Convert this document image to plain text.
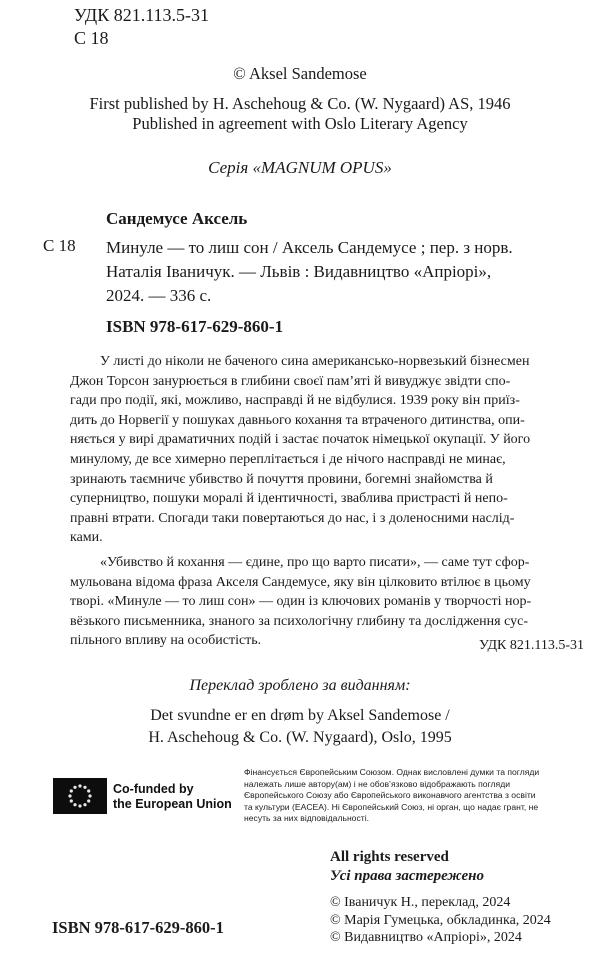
УДК 821.113.5-31
С 18
© Aksel Sandemose
First published by H. Aschehoug & Co. (W. Nygaard) AS, 1946
Published in agreement with Oslo Literary Agency
Серія «MAGNUM OPUS»
Сандемусе Аксель
С 18 Минуле — то лиш сон / Аксель Сандемусе ; пер. з норв.
Наталія Іваничук. — Львів : Видавництво «Апріорі»,
2024. — 336 с.
ISBN 978-617-629-860-1
У листі до ніколи не баченого сина американсько-норвезький бізнесмен
Джон Торсон занурюється в глибини своєї пам’яті й вивуджує звідти спо-
гади про події, які, можливо, насправді й не відбулися. 1939 року він приїз-
дить до Норвегії у пошуках давнього кохання та втраченого дитинства, опи-
няється у вирі драматичних подій і застає початок німецької окупації. У його
минулому, де все химерно переплітається і де нічого насправді не минає,
зринають таємничє убивство й почуття провини, богемні знайомства й
суперництво, пошуки моралі й ідентичності, зваблива пристрасті й непо-
правні втрати. Спогади таки повертаються до нас, і з доленосними наслід-
ками.
«Убивство й кохання — єдине, про що варто писати», — саме тут сфор-
мульована відома фраза Акселя Сандемусе, яку він цілковито втілює в цьому
творі. «Минуле — то лиш сон» — один із ключових романів у творчості нор-
вёзького письменника, знаного за психологічну глибину та дослідження сус-
пільного впливу на особистість.	УДК 821.113.5-31
Переклад зроблено за виданням:
Det svundne er en drøm by Aksel Sandemose /
H. Aschehoug & Co. (W. Nygaard), Oslo, 1995
Co-funded by
the European Union
Фінансується Європейським Союзом. Однак висловлені думки та погляди
належать лише автору(ам) і не обов’язково відображають погляди
Європейського Союзу або Європейського виконавчого агентства з освіти
та культури (EACEA). Ні Європейський Союз, ні орган, що надає грант, не
несуть за них відповідальності.
All rights reserved
Усі права застережено
© Іваничук Н., переклад, 2024
© Марія Гумецька, обкладинка, 2024
© Видавництво «Апріорі», 2024
ISBN 978-617-629-860-1
